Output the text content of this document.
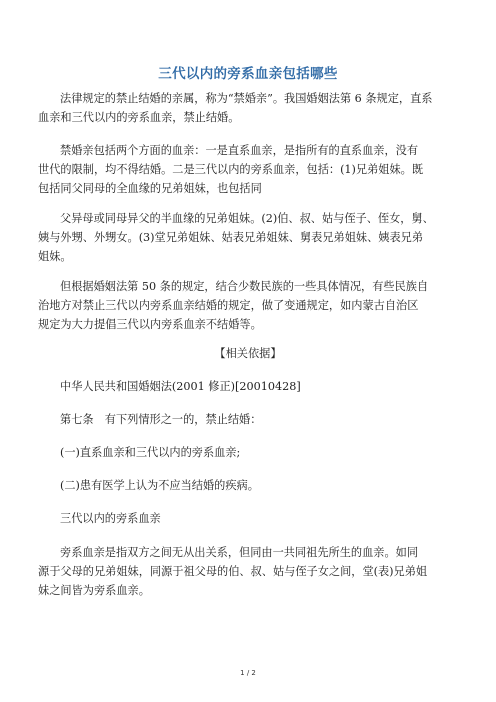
三代以内的旁系血亲包括哪些
法律规定的禁止结婚的亲属，称为“禁婚亲”。我国婚姻法第 6 条规定，直系
血亲和三代以内的旁系血亲，禁止结婚。
禁婚亲包括两个方面的血亲：一是直系血亲，是指所有的直系血亲，没有
世代的限制，均不得结婚。二是三代以内的旁系血亲，包括：(1)兄弟姐妹。既
包括同父同母的全血缘的兄弟姐妹，也包括同
父异母或同母异父的半血缘的兄弟姐妹。(2)伯、叔、姑与侄子、侄女，舅、
姨与外甥、外甥女。(3)堂兄弟姐妹、姑表兄弟姐妹、舅表兄弟姐妹、姨表兄弟
姐妹。
但根据婚姻法第 50 条的规定，结合少数民族的一些具体情况，有些民族自
治地方对禁止三代以内旁系血亲结婚的规定，做了变通规定，如内蒙古自治区
规定为大力提倡三代以内旁系血亲不结婚等。
【相关依据】
中华人民共和国婚姻法(2001 修正)[20010428]
第七条　有下列情形之一的，禁止结婚：
(一)直系血亲和三代以内的旁系血亲;
(二)患有医学上认为不应当结婚的疾病。
三代以内的旁系血亲
旁系血亲是指双方之间无从出关系，但同由一共同祖先所生的血亲。如同
源于父母的兄弟姐妹，同源于祖父母的伯、叔、姑与侄子女之间，堂(表)兄弟姐
妹之间皆为旁系血亲。
1 / 2
